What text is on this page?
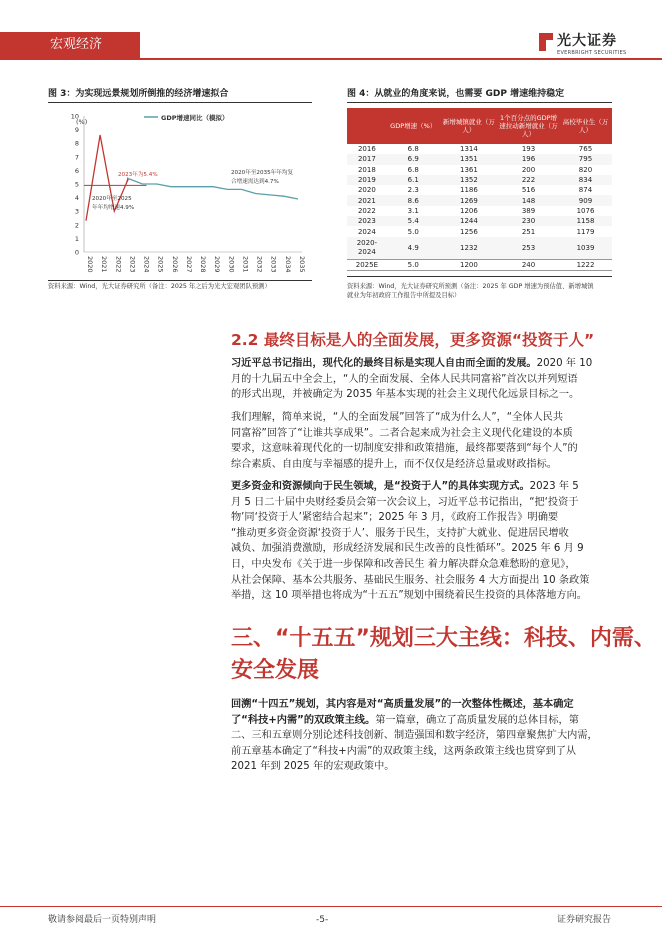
宏观经济	光大证券
EVERBRIGHT SECURITIES
图 3：为实现远景规划所倒推的经济增速拟合
0
1
2
3
4
5
6
7
8
9
10
2020 2021 2022 2023 2024 2025 2026 2027 2028 2029 2030 2031 2032 2033 2034 2035
GDP增速同比（模拟）
(%)
2023年为5.4%	2020年至2035年年均复 合增速需达到4.7%
2020年至2025 年年均增速4.9%
资料来源：Wind，光大证券研究所（备注：2025 年之后为光大宏观团队预测）
图 4：从就业的角度来说，也需要 GDP 增速维持稳定
	GDP增速（%）	新增城镇就业（万人）	1个百分点的GDP增速拉动新增就业（万人）	高校毕业生（万人）
2016	6.8	1314	193	765
2017	6.9	1351	196	795
2018	6.8	1361	200	820
2019	6.1	1352	222	834
2020	2.3	1186	516	874
2021	8.6	1269	148	909
2022	3.1	1206	389	1076
2023	5.4	1244	230	1158
2024	5.0	1256	251	1179
2020-
2024	4.9	1232	253	1039
2025E	5.0	1200	240	1222
资料来源：Wind，光大证券研究所预测（备注：2025 年 GDP 增速为预估值、新增城镇
就业为年初政府工作报告中所提及目标）
2.2 最终目标是人的全面发展，更多资源“投资于人”

习近平总书记指出，现代化的最终目标是实现人自由而全面的发展。2020 年 10

月的十九届五中全会上，“人的全面发展、全体人民共同富裕”首次以并列短语

的形式出现，并被确定为 2035 年基本实现的社会主义现代化远景目标之一。

我们理解，简单来说，“人的全面发展”回答了“成为什么人”，“全体人民共

同富裕”回答了“让谁共享成果”。二者合起来成为社会主义现代化建设的本质

要求，这意味着现代化的一切制度安排和政策措施，最终都要落到“每个人”的

综合素质、自由度与幸福感的提升上，而不仅仅是经济总量或财政指标。

更多资金和资源倾向于民生领域，是“投资于人”的具体实现方式。2023 年 5

月 5 日二十届中央财经委员会第一次会议上，习近平总书记指出，“把‘投资于

物’同‘投资于人’紧密结合起来”；2025 年 3 月，《政府工作报告》明确要

“推动更多资金资源‘投资于人’、服务于民生，支持扩大就业、促进居民增收

减负、加强消费激励，形成经济发展和民生改善的良性循环”。2025 年 6 月 9

日，中央发布《关于进一步保障和改善民生 着力解决群众急难愁盼的意见》，

从社会保障、基本公共服务、基础民生服务、社会服务 4 大方面提出 10 条政策

举措，这 10 项举措也将成为“十五五”规划中围绕着民生投资的具体落地方向。

三、“十五五”规划三大主线：科技、内需、
安全发展

回溯“十四五”规划，其内容是对“高质量发展”的一次整体性概述，基本确定

了“科技+内需”的双政策主线。第一篇章，确立了高质量发展的总体目标，第

二、三和五章则分别论述科技创新、制造强国和数字经济，第四章聚焦扩大内需，

前五章基本确定了“科技+内需”的双政策主线，这两条政策主线也贯穿到了从

2021 年到 2025 年的宏观政策中。

敬请参阅最后一页特别声明	-5-	证券研究报告
